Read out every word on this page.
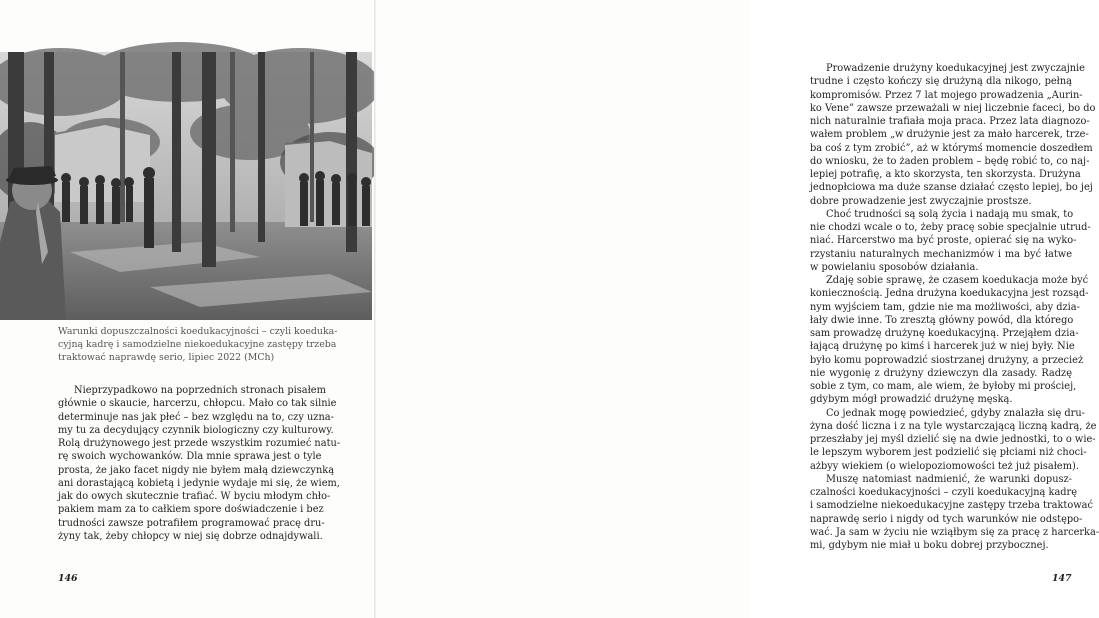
Warunki dopuszczalności koedukacyjności – czyli koeduka-
cyjną kadrę i samodzielne niekoedukacyjne zastępy trzeba
traktować naprawdę serio, lipiec 2022 (MCh)
Nieprzypadkowo na poprzednich stronach pisałem
głównie o skaucie, harcerzu, chłopcu. Mało co tak silnie
determinuje nas jak płeć – bez względu na to, czy uzna-
my tu za decydujący czynnik biologiczny czy kulturowy.
Rolą drużynowego jest przede wszystkim rozumieć natu-
rę swoich wychowanków. Dla mnie sprawa jest o tyle
prosta, że jako facet nigdy nie byłem małą dziewczynką
ani dorastającą kobietą i jedynie wydaje mi się, że wiem,
jak do owych skutecznie trafiać. W byciu młodym chło-
pakiem mam za to całkiem spore doświadczenie i bez
trudności zawsze potrafiłem programować pracę dru-
żyny tak, żeby chłopcy w niej się dobrze odnajdywali.
146
Prowadzenie drużyny koedukacyjnej jest zwyczajnie
trudne i często kończy się drużyną dla nikogo, pełną
kompromisów. Przez 7 lat mojego prowadzenia „Aurin-
ko Vene” zawsze przeważali w niej liczebnie faceci, bo do
nich naturalnie trafiała moja praca. Przez lata diagnozo-
wałem problem „w drużynie jest za mało harcerek, trze-
ba coś z tym zrobić”, aż w którymś momencie doszedłem
do wniosku, że to żaden problem – będę robić to, co naj-
lepiej potrafię, a kto skorzysta, ten skorzysta. Drużyna
jednopłciowa ma duże szanse działać często lepiej, bo jej
dobre prowadzenie jest zwyczajnie prostsze.
Choć trudności są solą życia i nadają mu smak, to
nie chodzi wcale o to, żeby pracę sobie specjalnie utrud-
niać. Harcerstwo ma być proste, opierać się na wyko-
rzystaniu naturalnych mechanizmów i ma być łatwe
w powielaniu sposobów działania.
Zdaję sobie sprawę, że czasem koedukacja może być
koniecznością. Jedna drużyna koedukacyjna jest rozsąd-
nym wyjściem tam, gdzie nie ma możliwości, aby dzia-
łały dwie inne. To zresztą główny powód, dla którego
sam prowadzę drużynę koedukacyjną. Przejąłem dzia-
łającą drużynę po kimś i harcerek już w niej były. Nie
było komu poprowadzić siostrzanej drużyny, a przecież
nie wygonię z drużyny dziewczyn dla zasady. Radzę
sobie z tym, co mam, ale wiem, że byłoby mi prościej,
gdybym mógł prowadzić drużynę męską.
Co jednak mogę powiedzieć, gdyby znalazła się dru-
żyna dość liczna i z na tyle wystarczającą liczną kadrą, że
przeszłaby jej myśl dzielić się na dwie jednostki, to o wie-
le lepszym wyborem jest podzielić się płciami niż choci-
ażbyy wiekiem (o wielopoziomowości też już pisałem).
Muszę natomiast nadmienić, że warunki dopusz-
czalności koedukacyjności – czyli koedukacyjną kadrę
i samodzielne niekoedukacyjne zastępy trzeba traktować
naprawdę serio i nigdy od tych warunków nie odstępo-
wać. Ja sam w życiu nie wziąłbym się za pracę z harcerka-
mi, gdybym nie miał u boku dobrej przyboczneј.
147
